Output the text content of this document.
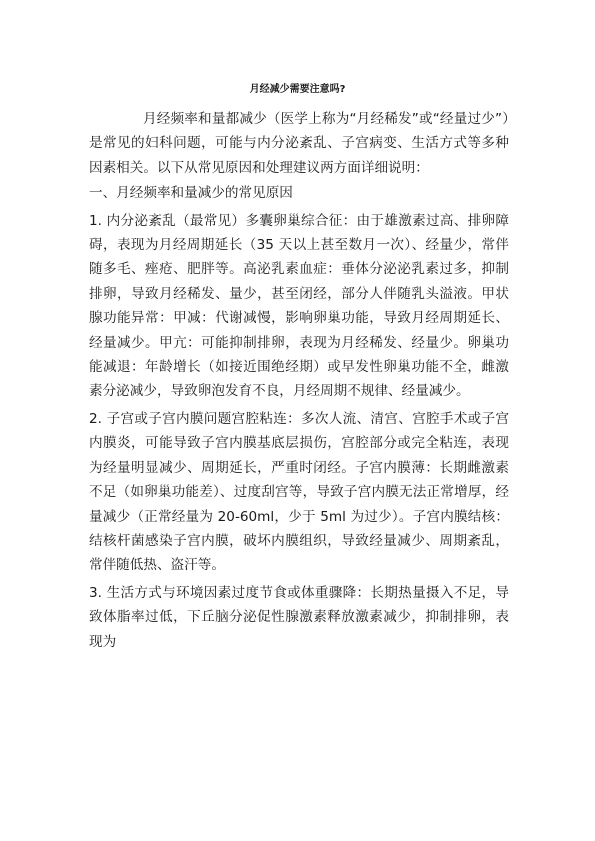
月经减少需要注意吗?

月经频率和量都减少（医学上称为“月经稀发”或“经量过少”）是常见的妇科问题，可能与内分泌紊乱、子宫病变、生活方式等多种因素相关。以下从常见原因和处理建议两方面详细说明：

一、月经频率和量减少的常见原因

1. 内分泌紊乱（最常见）多囊卵巢综合征：由于雄激素过高、排卵障碍，表现为月经周期延长（35 天以上甚至数月一次）、经量少，常伴随多毛、痤疮、肥胖等。高泌乳素血症：垂体分泌泌乳素过多，抑制排卵，导致月经稀发、量少，甚至闭经，部分人伴随乳头溢液。甲状腺功能异常：甲减：代谢减慢，影响卵巢功能，导致月经周期延长、经量减少。甲亢：可能抑制排卵，表现为月经稀发、经量少。卵巢功能减退：年龄增长（如接近围绝经期）或早发性卵巢功能不全，雌激素分泌减少，导致卵泡发育不良，月经周期不规律、经量减少。

2. 子宫或子宫内膜问题宫腔粘连：多次人流、清宫、宫腔手术或子宫内膜炎，可能导致子宫内膜基底层损伤，宫腔部分或完全粘连，表现为经量明显减少、周期延长，严重时闭经。子宫内膜薄：长期雌激素不足（如卵巢功能差）、过度刮宫等，导致子宫内膜无法正常增厚，经量减少（正常经量为 20-60ml，少于 5ml 为过少）。子宫内膜结核：结核杆菌感染子宫内膜，破坏内膜组织，导致经量减少、周期紊乱，常伴随低热、盗汗等。

3. 生活方式与环境因素过度节食或体重骤降：长期热量摄入不足，导致体脂率过低，下丘脑分泌促性腺激素释放激素减少，抑制排卵，表现为
